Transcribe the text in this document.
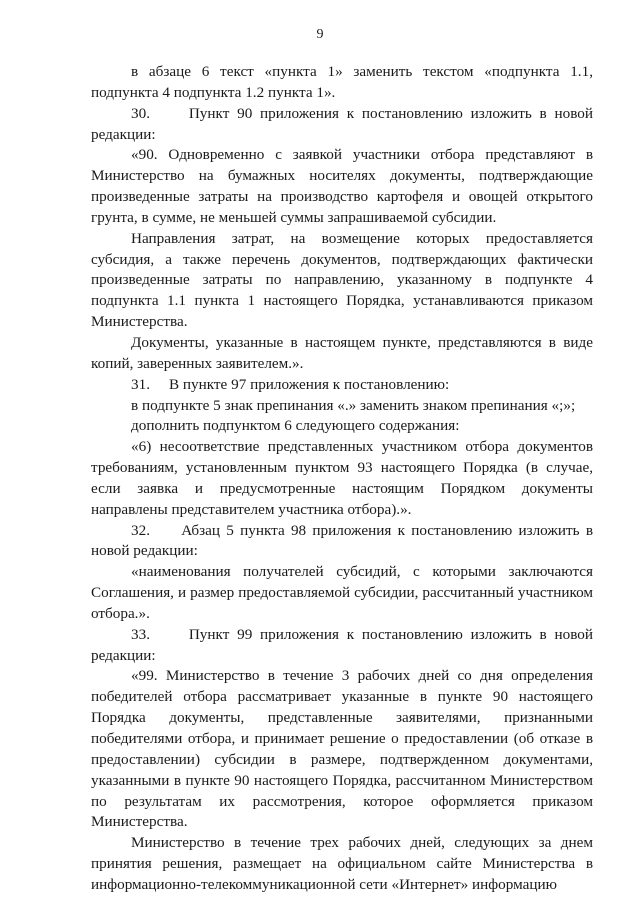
9

в абзаце 6 текст «пункта 1» заменить текстом «подпункта 1.1, подпункта 4 подпункта 1.2 пункта 1».

30.     Пункт 90 приложения к постановлению изложить в новой редакции:

«90. Одновременно с заявкой участники отбора представляют в Министерство на бумажных носителях документы, подтверждающие произведенные затраты на производство картофеля и овощей открытого грунта, в сумме, не меньшей суммы запрашиваемой субсидии.

Направления затрат, на возмещение которых предоставляется субсидия, а также перечень документов, подтверждающих фактически произведенные затраты по направлению, указанному в подпункте 4 подпункта 1.1 пункта 1 настоящего Порядка, устанавливаются приказом Министерства.

Документы, указанные в настоящем пункте, представляются в виде копий, заверенных заявителем.».

31.     В пункте 97 приложения к постановлению:

в подпункте 5 знак препинания «.» заменить знаком препинания «;»;

дополнить подпунктом 6 следующего содержания:

«6) несоответствие представленных участником отбора документов требованиям, установленным пунктом 93 настоящего Порядка (в случае, если заявка и предусмотренные настоящим Порядком документы направлены представителем участника отбора).».

32.     Абзац 5 пункта 98 приложения к постановлению изложить в новой редакции:

«наименования получателей субсидий, с которыми заключаются Соглашения, и размер предоставляемой субсидии, рассчитанный участником отбора.».

33.     Пункт 99 приложения к постановлению изложить в новой редакции:

«99. Министерство в течение 3 рабочих дней со дня определения победителей отбора рассматривает указанные в пункте 90 настоящего Порядка документы, представленные заявителями, признанными победителями отбора, и принимает решение о предоставлении (об отказе в предоставлении) субсидии в размере, подтвержденном документами, указанными в пункте 90 настоящего Порядка, рассчитанном Министерством по результатам их рассмотрения, которое оформляется приказом Министерства.

Министерство в течение трех рабочих дней, следующих за днем принятия решения, размещает на официальном сайте Министерства в информационно-телекоммуникационной сети «Интернет» информацию
